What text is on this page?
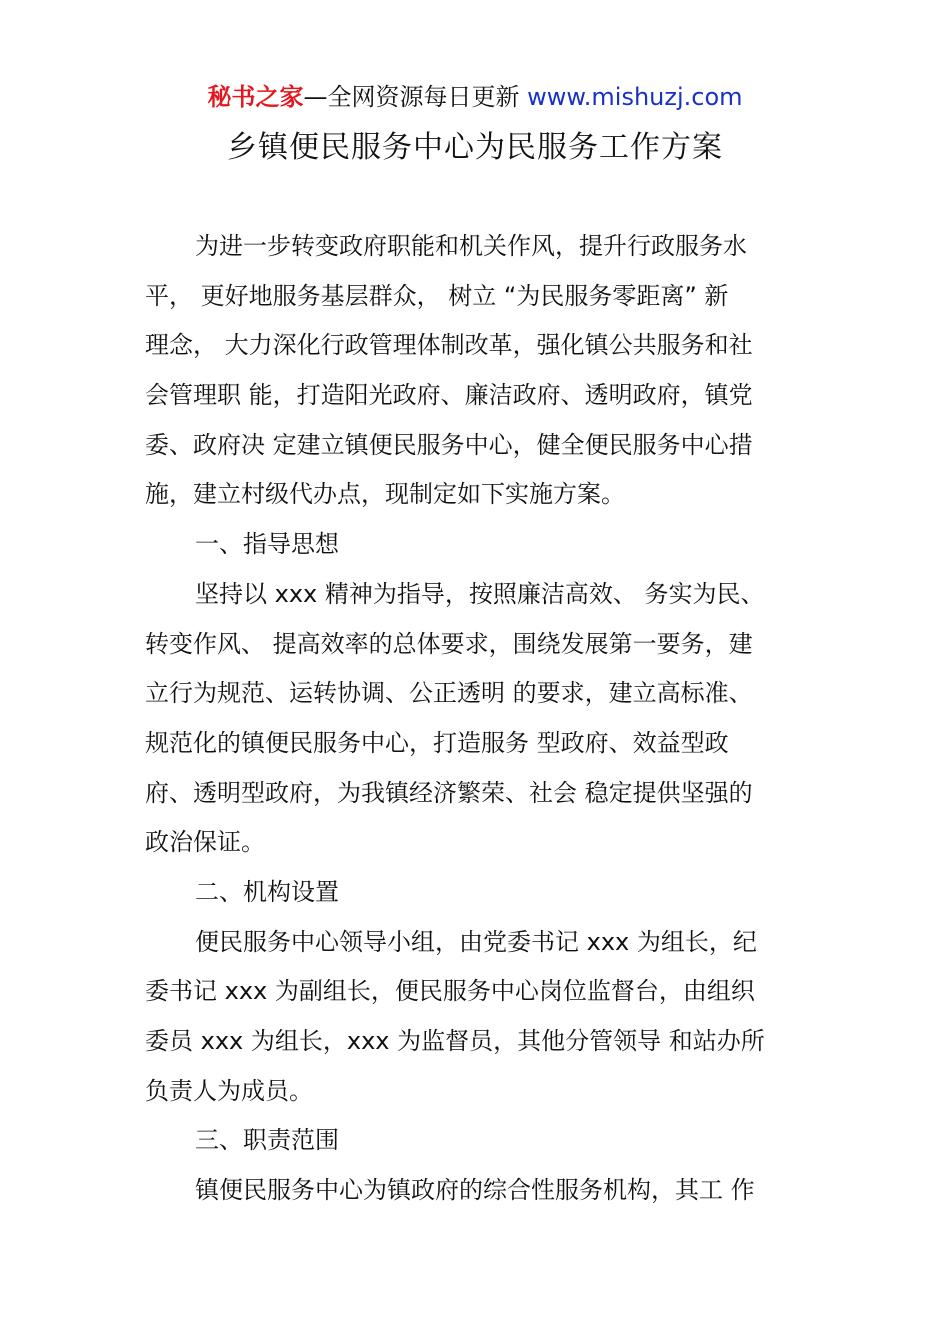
秘书之家—全网资源每日更新 www.mishuzj.com
乡镇便民服务中心为民服务工作方案
为进一步转变政府职能和机关作风，提升行政服务水
平， 更好地服务基层群众， 树立 “为民服务零距离” 新
理念， 大力深化行政管理体制改革，强化镇公共服务和社
会管理职 能，打造阳光政府、廉洁政府、透明政府，镇党
委、政府决 定建立镇便民服务中心，健全便民服务中心措
施，建立村级代办点，现制定如下实施方案。
一、指导思想
坚持以 xxx 精神为指导，按照廉洁高效、 务实为民、
转变作风、 提高效率的总体要求，围绕发展第一要务，建
立行为规范、运转协调、公正透明 的要求，建立高标准、
规范化的镇便民服务中心，打造服务 型政府、效益型政
府、透明型政府，为我镇经济繁荣、社会 稳定提供坚强的
政治保证。
二、机构设置
便民服务中心领导小组，由党委书记 xxx 为组长，纪
委书记 xxx 为副组长，便民服务中心岗位监督台，由组织
委员 xxx 为组长，xxx 为监督员，其他分管领导 和站办所
负责人为成员。
三、职责范围
镇便民服务中心为镇政府的综合性服务机构，其工 作
